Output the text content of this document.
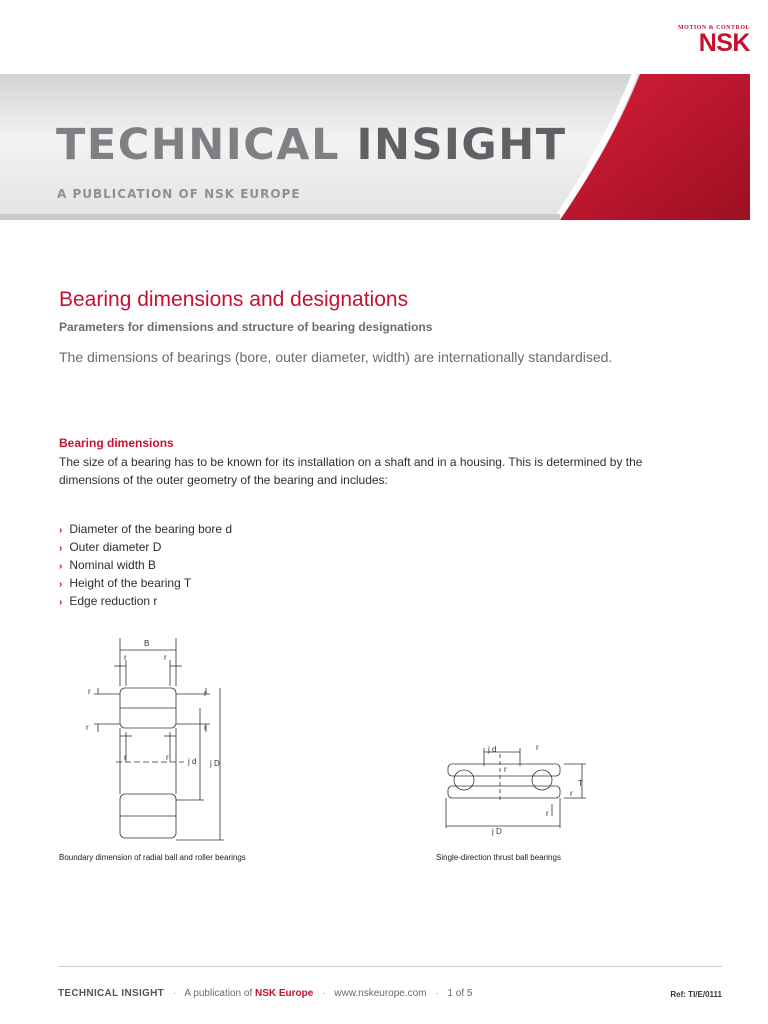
MOTION & CONTROL
NSK
TECHNICAL INSIGHT
A PUBLICATION OF NSK EUROPE
Bearing dimensions and designations
Parameters for dimensions and structure of bearing designations
The dimensions of bearings (bore, outer diameter, width) are internationally standardised.
Bearing dimensions
The size of a bearing has to be known for its installation on a shaft and in a housing. This is determined by the dimensions of the outer geometry of the bearing and includes:
› Diameter of the bearing bore d
› Outer diameter D
› Nominal width B
› Height of the bearing T
› Edge reduction r
B
r	r
r	r
r	r
r	r j d j D
Boundary dimension of radial ball and roller bearings
j d	r
r
T
r
r
j D
Single-direction thrust ball bearings
TECHNICAL INSIGHT · A publication of NSK Europe · www.nskeurope.com · 1 of 5	Ref: TI/E/0111
